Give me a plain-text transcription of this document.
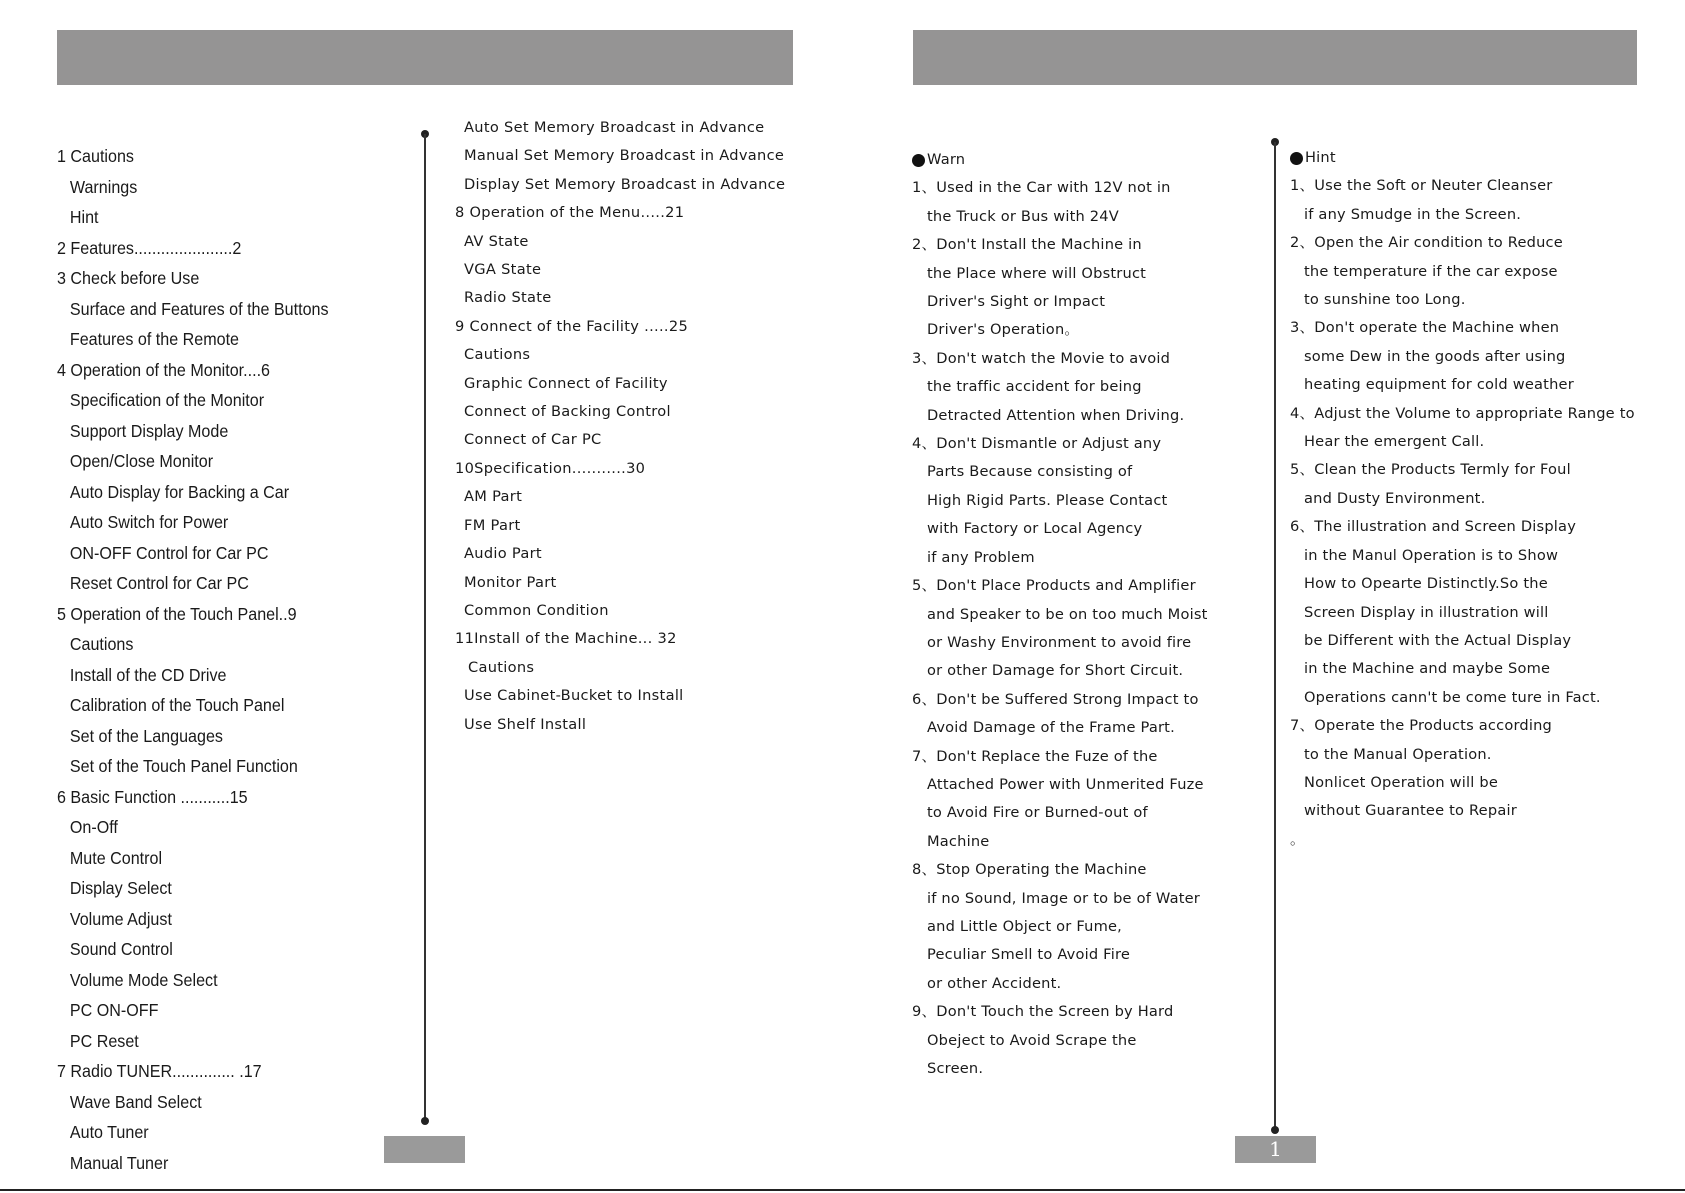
1
1 Cautions
Warnings
Hint
2 Features......................2
3 Check before Use
Surface and Features of the Buttons
Features of the Remote
4 Operation of the Monitor....6
Specification of the Monitor
Support Display Mode
Open/Close Monitor
Auto Display for Backing a Car
Auto Switch for Power
ON-OFF Control for Car PC
Reset Control for Car PC
5 Operation of the Touch Panel..9
Cautions
Install of the CD Drive
Calibration of the Touch Panel
Set of the Languages
Set of the Touch Panel Function
6 Basic Function ...........15
On-Off
Mute Control
Display Select
Volume Adjust
Sound Control
Volume Mode Select
PC ON-OFF
PC Reset
7 Radio TUNER.............. .17
Wave Band Select
Auto Tuner
Manual Tuner
Auto Set Memory Broadcast in Advance
Manual Set Memory Broadcast in Advance
Display Set Memory Broadcast in Advance
8 Operation of the Menu.....21
AV State
VGA State
Radio State
9 Connect of the Facility .....25
Cautions
Graphic Connect of Facility
Connect of Backing Control
Connect of Car PC
10Specification...........30
AM Part
FM Part
Audio Part
Monitor Part
Common Condition
11Install of the Machine... 32
Cautions
Use Cabinet-Bucket to Install
Use Shelf Install
Warn
1、Used in the Car with 12V not in
the Truck or Bus with 24V
2、Don't Install the Machine in
the Place where will Obstruct
Driver's Sight or Impact
Driver's Operation。
3、Don't watch the Movie to avoid
the traffic accident for being
Detracted Attention when Driving.
4、Don't Dismantle or Adjust any
Parts Because consisting of
High Rigid Parts. Please Contact
with Factory or Local Agency
if any Problem
5、Don't Place Products and Amplifier
and Speaker to be on too much Moist
or Washy Environment to avoid fire
or other Damage for Short Circuit.
6、Don't be Suffered Strong Impact to
Avoid Damage of the Frame Part.
7、Don't Replace the Fuze of the
Attached Power with Unmerited Fuze
to Avoid Fire or Burned-out of
Machine
8、Stop Operating the Machine
if no Sound, Image or to be of Water
and Little Object or Fume,
Peculiar Smell to Avoid Fire
or other Accident.
9、Don't Touch the Screen by Hard
Obeject to Avoid Scrape the
Screen.
Hint
1、Use the Soft or Neuter Cleanser
if any Smudge in the Screen.
2、Open the Air condition to Reduce
the temperature if the car expose
to sunshine too Long.
3、Don't operate the Machine when
some Dew in the goods after using
heating equipment for cold weather
4、Adjust the Volume to appropriate Range to
Hear the emergent Call.
5、Clean the Products Termly for Foul
and Dusty Environment.
6、The illustration and Screen Display
in the Manul Operation is to Show
How to Opearte Distinctly.So the
Screen Display in illustration will
be Different with the Actual Display
in the Machine and maybe Some
Operations cann't be come ture in Fact.
7、Operate the Products according
to the Manual Operation.
Nonlicet Operation will be
without Guarantee to Repair
。
